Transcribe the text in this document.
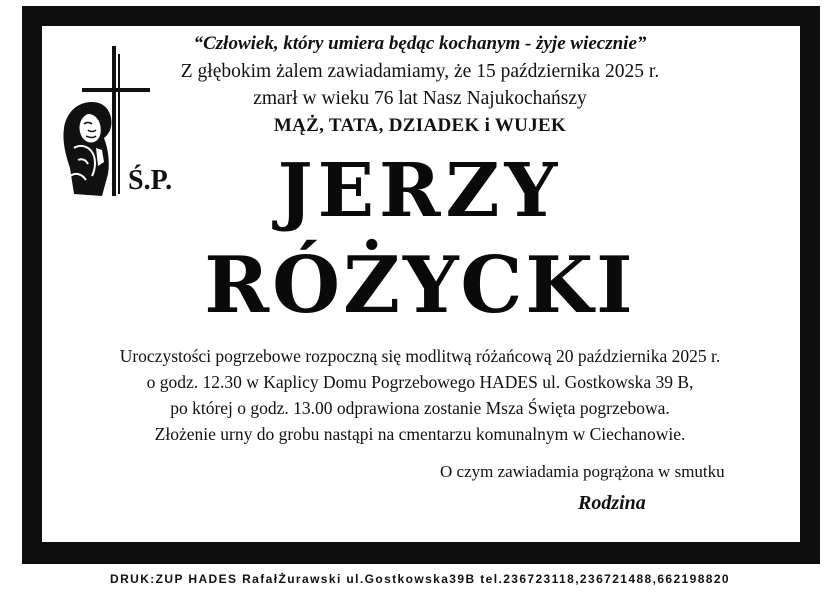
“Człowiek, który umiera będąc kochanym - żyje wiecznie”
Z głębokim żalem zawiadamiamy, że 15 października 2025 r.
zmarł w wieku 76 lat Nasz Najukochańszy
MĄŻ, TATA, DZIADEK i WUJEK
Ś.P.	JERZY
RÓŻYCKI
Uroczystości pogrzebowe rozpoczną się modlitwą różańcową 20 października 2025 r.
o godz. 12.30 w Kaplicy Domu Pogrzebowego HADES ul. Gostkowska 39 B,
po której o godz. 13.00 odprawiona zostanie Msza Święta pogrzebowa.
Złożenie urny do grobu nastąpi na cmentarzu komunalnym w Ciechanowie.
O czym zawiadamia pogrążona w smutku
Rodzina
DRUK:ZUP HADES RafałŻurawski ul.Gostkowska39B tel.236723118,236721488,662198820
